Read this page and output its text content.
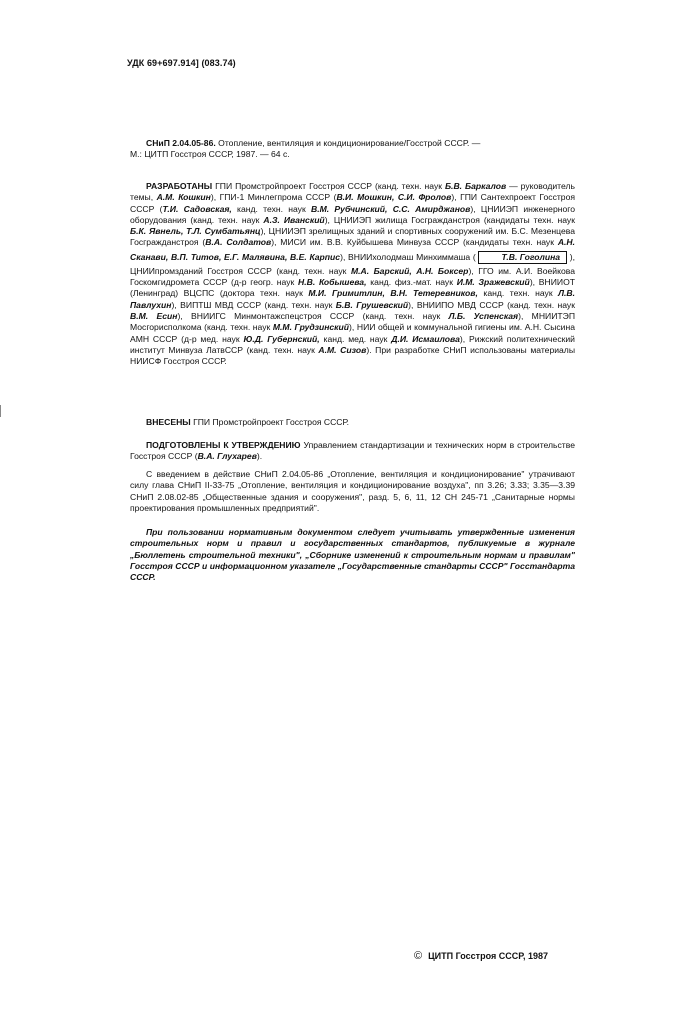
УДК 69+697.914] (083.74)

СНиП 2.04.05-86. Отопление, вентиляция и кондиционирование/Госстрой СССР. —
М.: ЦИТП Госстроя СССР, 1987. — 64 с.

РАЗРАБОТАНЫ ГПИ Промстройпроект Госстроя СССР (канд. техн. наук Б.В. Баркалов — руководитель темы, А.М. Кошкин), ГПИ-1 Минлегпрома СССР (В.И. Мошкин, С.И. Фролов), ГПИ Сантехпроект Госстроя СССР (Т.И. Садовская, канд. техн. наук В.М. Рубчинский, С.С. Амирджанов), ЦНИИЭП инженерного оборудования (канд. техн. наук А.З. Иванский), ЦНИИЭП жилища Госгражданстроя (кандидаты техн. наук Б.К. Явнель, Т.Л. Сумбатьянц), ЦНИИЭП зрелищных зданий и спортивных сооружений им. Б.С. Мезенцева Госгражданстроя (В.А. Солдатов), МИСИ им. В.В. Куйбышева Минвуза СССР (кандидаты техн. наук А.Н. Сканави, В.П. Титов, Е.Г. Малявина, В.Е. Карпис), ВНИИхолодмаш Минхиммаша (	Т.В. Гоголина ), ЦНИИпромзданий Госстроя СССР (канд. техн. наук М.А. Барский, А.Н. Боксер), ГГО им. А.И. Воейкова Госкомгидромета СССР (д-р геогр. наук Н.В. Кобышева, канд. физ.-мат. наук И.М. Зражевский), ВНИИОТ (Ленинград) ВЦСПС (доктора техн. наук М.И. Гримитлин, В.Н. Тетеревников, канд. техн. наук Л.В. Павлухин), ВИПТШ МВД СССР (канд. техн. наук Б.В. Грушевский), ВНИИПО МВД СССР (канд. техн. наук В.М. Есин), ВНИИГС Минмонтажспецстроя СССР (канд. техн. наук Л.Б. Успенская), МНИИТЭП Мосгорисполкома (канд. техн. наук М.М. Грудзинский), НИИ общей и коммунальной гигиены им. А.Н. Сысина АМН СССР (д-р мед. наук Ю.Д. Губернский, канд. мед. наук Д.И. Исмаилова), Рижский политехнический институт Минвуза ЛатвССР (канд. техн. наук А.М. Сизов). При разработке СНиП использованы материалы НИИСФ Госстроя СССР.

ВНЕСЕНЫ ГПИ Промстройпроект Госстроя СССР.

ПОДГОТОВЛЕНЫ К УТВЕРЖДЕНИЮ Управлением стандартизации и технических норм в строительстве Госстроя СССР (В.А. Глухарев).

С введением в действие СНиП 2.04.05-86 „Отопление, вентиляция и кондиционирование" утрачивают силу глава СНиП II-33-75 „Отопление, вентиляция и кондиционирование воздуха", пп 3.26; 3.33; 3.35—3.39 СНиП 2.08.02-85 „Общественные здания и сооружения", разд. 5, 6, 11, 12 СН 245-71 „Санитарные нормы проектирования промышленных предприятий".

При пользовании нормативным документом следует учитывать утвержденные изменения строительных норм и правил и государственных стандартов, публикуемые в журнале „Бюллетень строительной техники", „Сборнике изменений к строительным нормам и правилам" Госстроя СССР и информационном указателе „Государственные стандарты СССР" Госстандарта СССР.

© ЦИТП Госстроя СССР, 1987
